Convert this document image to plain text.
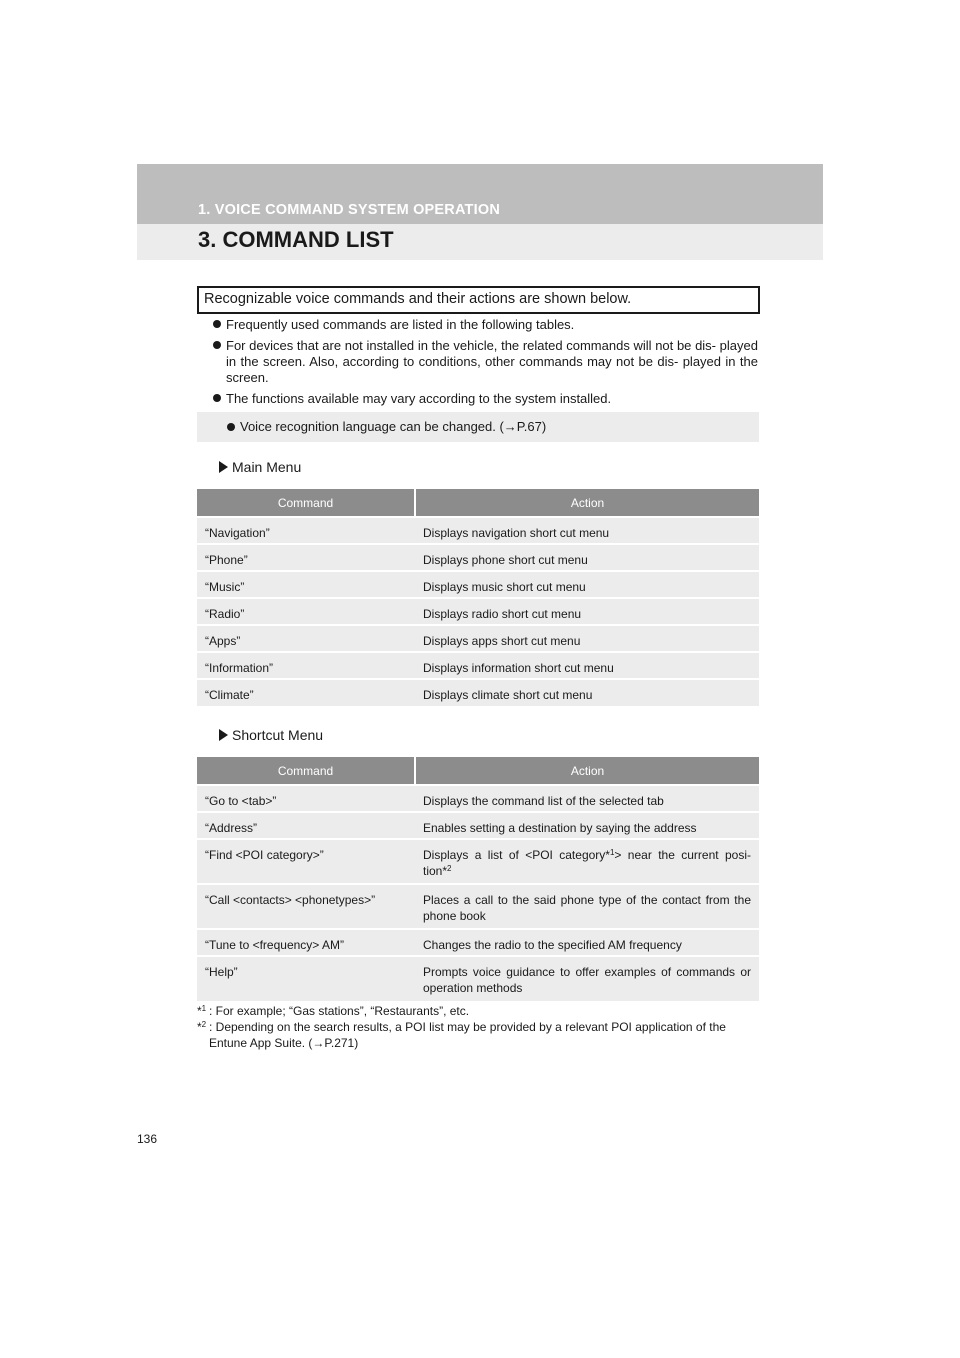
1. VOICE COMMAND SYSTEM OPERATION
3. COMMAND LIST
Recognizable voice commands and their actions are shown below.
Frequently used commands are listed in the following tables.
For devices that are not installed in the vehicle, the related commands will not be dis- played in the screen. Also, according to conditions, other commands may not be dis- played in the screen.
The functions available may vary according to the system installed.
Voice recognition language can be changed. (→P.67)
Main Menu
Command	Action
“Navigation”	Displays navigation short cut menu
“Phone”	Displays phone short cut menu
“Music”	Displays music short cut menu
“Radio”	Displays radio short cut menu
“Apps”	Displays apps short cut menu
“Information”	Displays information short cut menu
“Climate”	Displays climate short cut menu
Shortcut Menu
Command	Action
“Go to <tab>”	Displays the command list of the selected tab
“Address”	Enables setting a destination by saying the address
“Find <POI category>”	Displays a list of <POI category*$^1$> near the current posi- tion*$^2$
“Call <contacts> <phonetypes>”	Places a call to the said phone type of the contact from the phone book
“Tune to <frequency> AM”	Changes the radio to the specified AM frequency
“Help”	Prompts voice guidance to offer examples of commands or operation methods
*$^1$ : For example; “Gas stations”, “Restaurants”, etc.
*$^2$ : Depending on the search results, a POI list may be provided by a relevant POI application of the Entune App Suite. (→P.271)
136
